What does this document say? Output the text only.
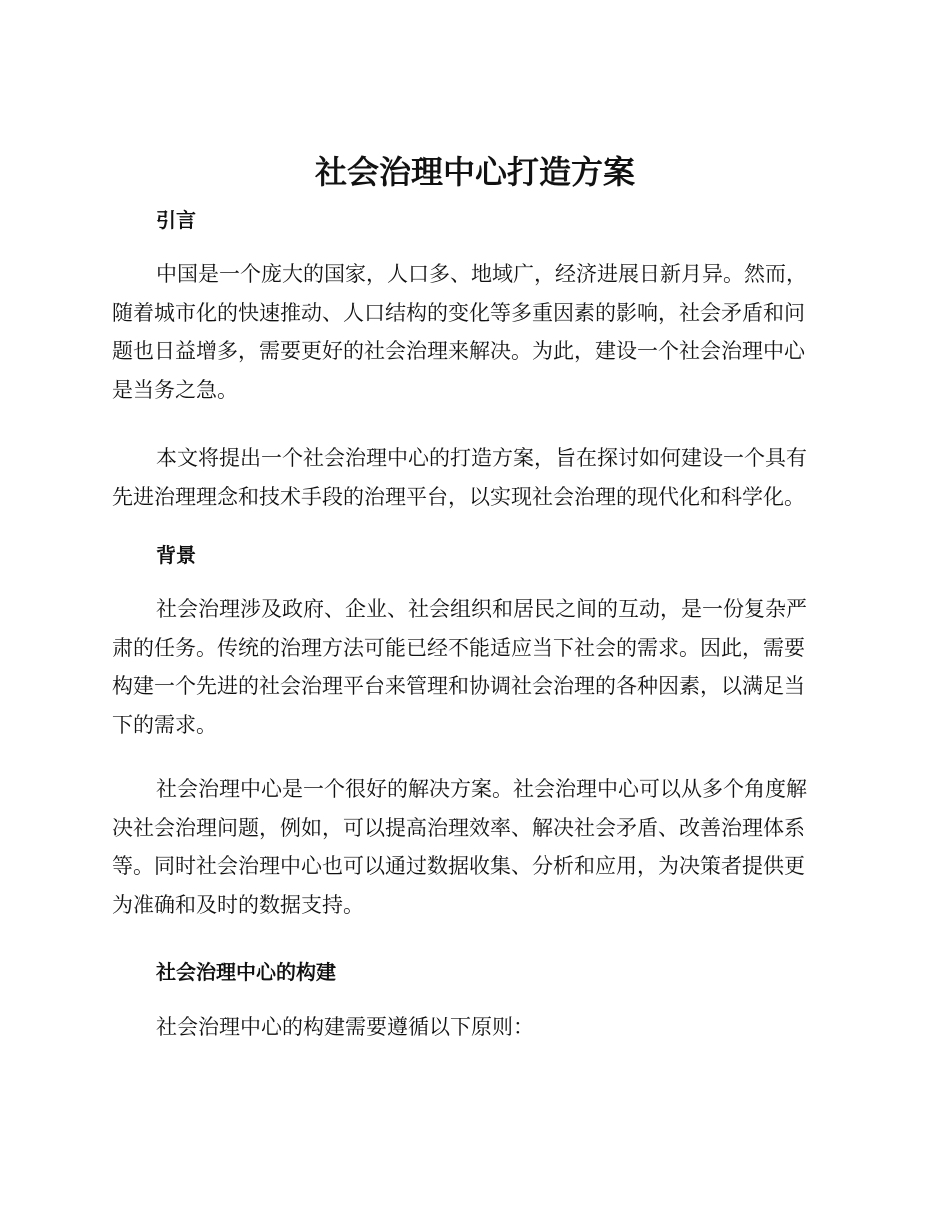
社会治理中心打造方案
引言

中国是一个庞大的国家，人口多、地域广，经济进展日新月异。然而，
随着城市化的快速推动、人口结构的变化等多重因素的影响，社会矛盾和问
题也日益增多，需要更好的社会治理来解决。为此，建设一个社会治理中心
是当务之急。

本文将提出一个社会治理中心的打造方案，旨在探讨如何建设一个具有
先进治理理念和技术手段的治理平台，以实现社会治理的现代化和科学化。

背景

社会治理涉及政府、企业、社会组织和居民之间的互动，是一份复杂严
肃的任务。传统的治理方法可能已经不能适应当下社会的需求。因此，需要
构建一个先进的社会治理平台来管理和协调社会治理的各种因素，以满足当
下的需求。

社会治理中心是一个很好的解决方案。社会治理中心可以从多个角度解
决社会治理问题，例如，可以提高治理效率、解决社会矛盾、改善治理体系
等。同时社会治理中心也可以通过数据收集、分析和应用，为决策者提供更
为准确和及时的数据支持。

社会治理中心的构建

社会治理中心的构建需要遵循以下原则：
